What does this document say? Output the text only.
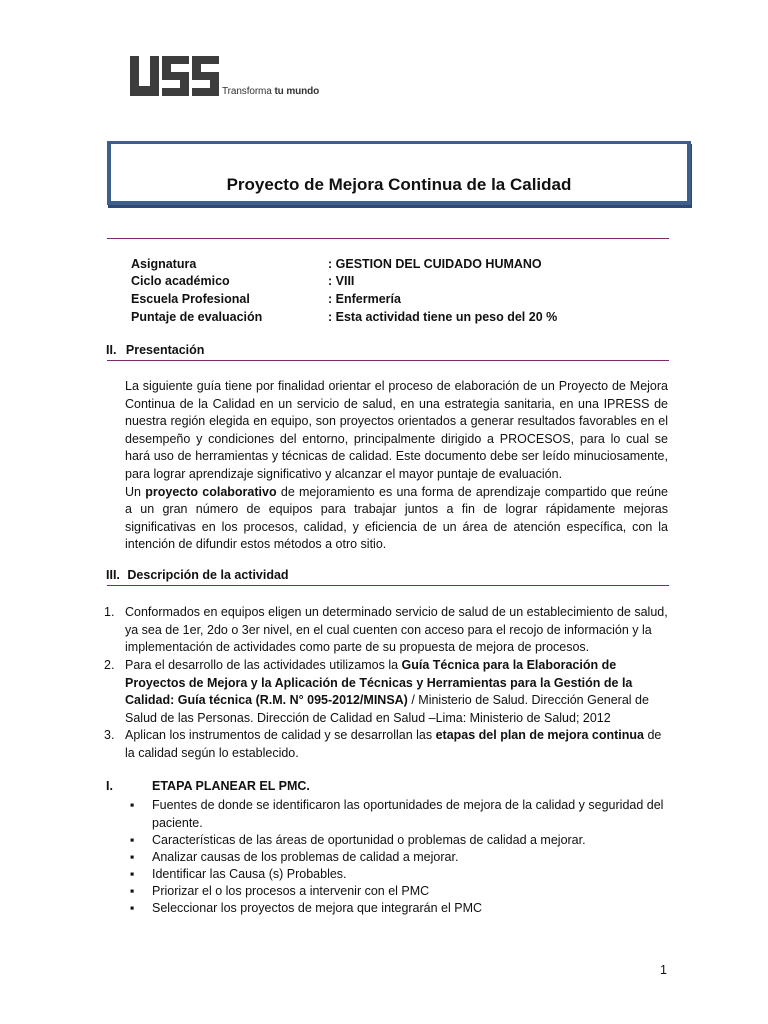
Transforma tu mundo
Proyecto de Mejora Continua de la Calidad
Asignatura	: GESTION DEL CUIDADO HUMANO
Ciclo académico	: VIII
Escuela Profesional	: Enfermería
Puntaje de evaluación	: Esta actividad tiene un peso del 20 %
II. Presentación
La siguiente guía tiene por finalidad orientar el proceso de elaboración de un Proyecto de Mejora Continua de la Calidad en un servicio de salud, en una estrategia sanitaria, en una IPRESS de nuestra región elegida en equipo, son proyectos orientados a generar resultados favorables en el desempeño y condiciones del entorno, principalmente dirigido a PROCESOS, para lo cual se hará uso de herramientas y técnicas de calidad. Este documento debe ser leído minuciosamente, para lograr aprendizaje significativo y alcanzar el mayor puntaje de evaluación.
Un proyecto colaborativo de mejoramiento es una forma de aprendizaje compartido que reúne a un gran número de equipos para trabajar juntos a fin de lograr rápidamente mejoras significativas en los procesos, calidad, y eficiencia de un área de atención específica, con la intención de difundir estos métodos a otro sitio.
III. Descripción de la actividad
1. Conformados en equipos eligen un determinado servicio de salud de un establecimiento de salud, ya sea de 1er, 2do o 3er nivel, en el cual cuenten con acceso para el recojo de información y la implementación de actividades como parte de su propuesta de mejora de procesos.
2. Para el desarrollo de las actividades utilizamos la Guía Técnica para la Elaboración de Proyectos de Mejora y la Aplicación de Técnicas y Herramientas para la Gestión de la Calidad: Guía técnica (R.M. N° 095-2012/MINSA) / Ministerio de Salud. Dirección General de Salud de las Personas. Dirección de Calidad en Salud –Lima: Ministerio de Salud; 2012
3. Aplican los instrumentos de calidad y se desarrollan las etapas del plan de mejora continua de la calidad según lo establecido.
I.	ETAPA PLANEAR EL PMC.
▪ Fuentes de donde se identificaron las oportunidades de mejora de la calidad y seguridad del paciente.
▪ Características de las áreas de oportunidad o problemas de calidad a mejorar.
▪ Analizar causas de los problemas de calidad a mejorar.
▪ Identificar las Causa (s) Probables.
▪ Priorizar el o los procesos a intervenir con el PMC
▪ Seleccionar los proyectos de mejora que integrarán el PMC
1
